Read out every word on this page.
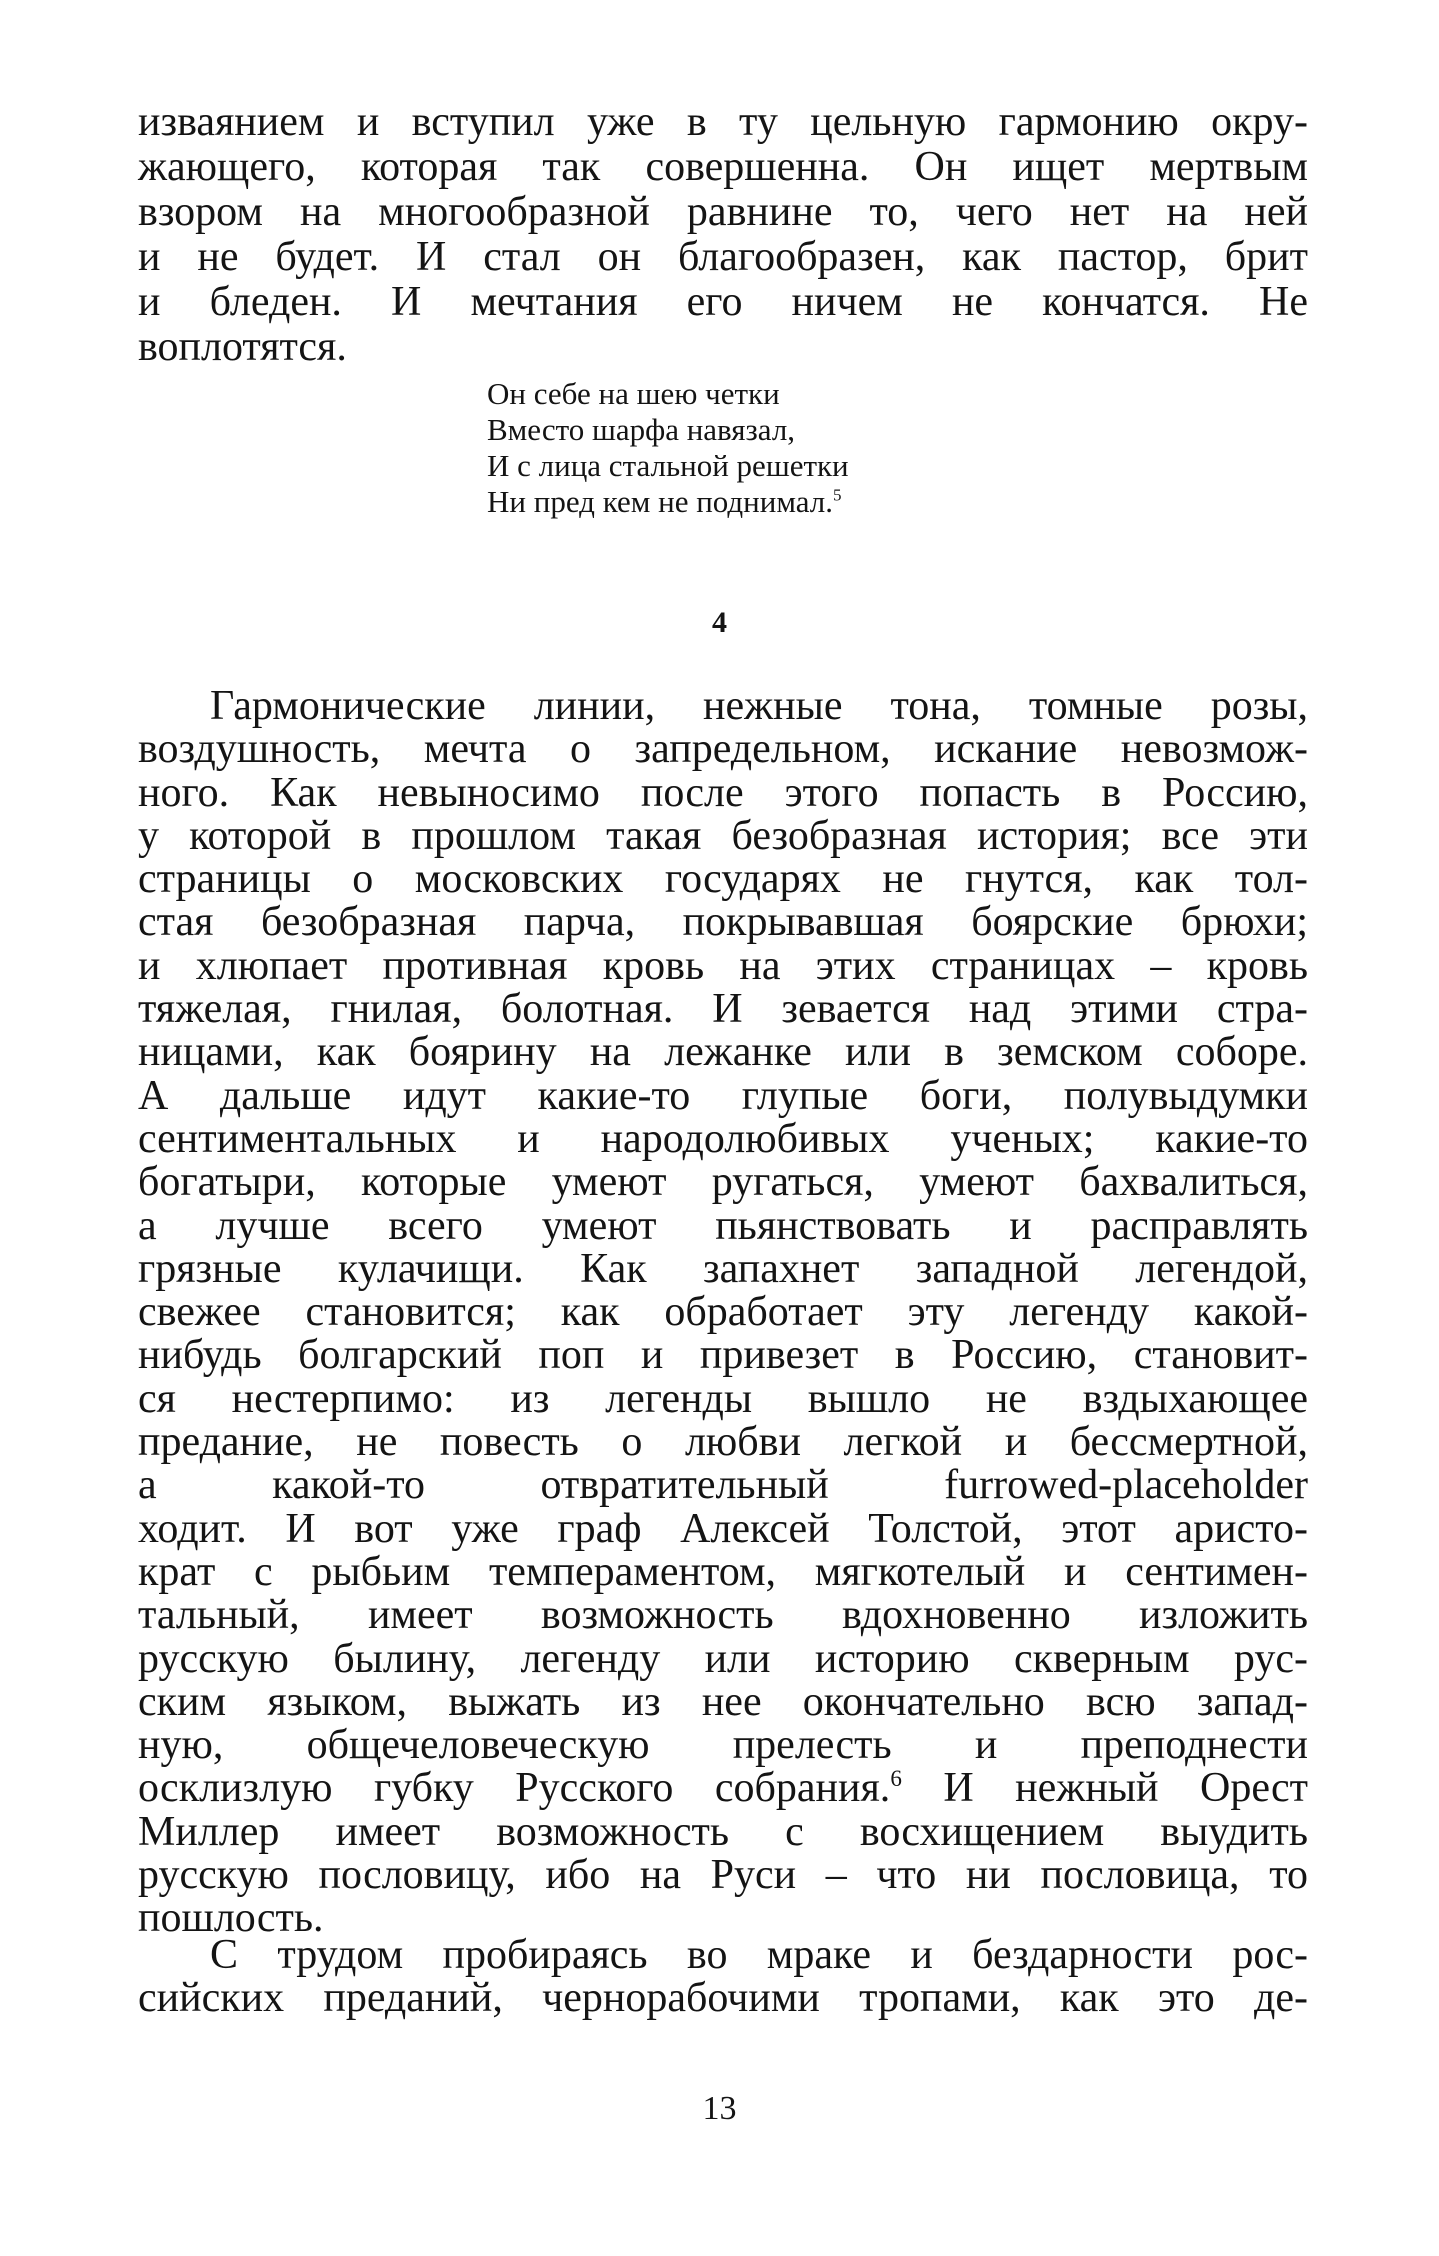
изваянием и вступил уже в ту цельную гармонию окру-
жающего, которая так совершенна. Он ищет мертвым
взором на многообразной равнине то, чего нет на ней
и не будет. И стал он благообразен, как пастор, брит
и бледен. И мечтания его ничем не кончатся. Не
воплотятся.
Он себе на шею четки
Вместо шарфа навязал,
И с лица стальной решетки
Ни пред кем не поднимал.$^5$
4
Гармонические линии, нежные тона, томные розы,
воздушность, мечта о запредельном, искание невозмож-
ного. Как невыносимо после этого попасть в Россию,
у которой в прошлом такая безобразная история; все эти
страницы о московских государях не гнутся, как тол-
стая безобразная парча, покрывавшая боярские брюхи;
и хлюпает противная кровь на этих страницах – кровь
тяжелая, гнилая, болотная. И зевается над этими стра-
ницами, как боярину на лежанке или в земском соборе.
А дальше идут какие-то глупые боги, полувыдумки
сентиментальных и народолюбивых ученых; какие-то
богатыри, которые умеют ругаться, умеют бахвалиться,
а лучше всего умеют пьянствовать и расправлять
грязные кулачищи. Как запахнет западной легендой,
свежее становится; как обработает эту легенду какой-
нибудь болгарский поп и привезет в Россию, становит-
ся нестерпимо: из легенды вышло не вздыхающее
предание, не повесть о любви легкой и бессмертной,
а какой-то отвратительный furrowed-placeholder
ходит. И вот уже граф Алексей Толстой, этот аристо-
крат с рыбьим темпераментом, мягкотелый и сентимен-
тальный, имеет возможность вдохновенно изложить
русскую былину, легенду или историю скверным рус-
ским языком, выжать из нее окончательно всю запад-
ную, общечеловеческую прелесть и преподнести
осклизлую губку Русского собрания.$^6$ И нежный Орест
Миллер имеет возможность с восхищением выудить
русскую пословицу, ибо на Руси – что ни пословица, то
пошлость.
С трудом пробираясь во мраке и бездарности рос-
сийских преданий, чернорабочими тропами, как это де-
13
